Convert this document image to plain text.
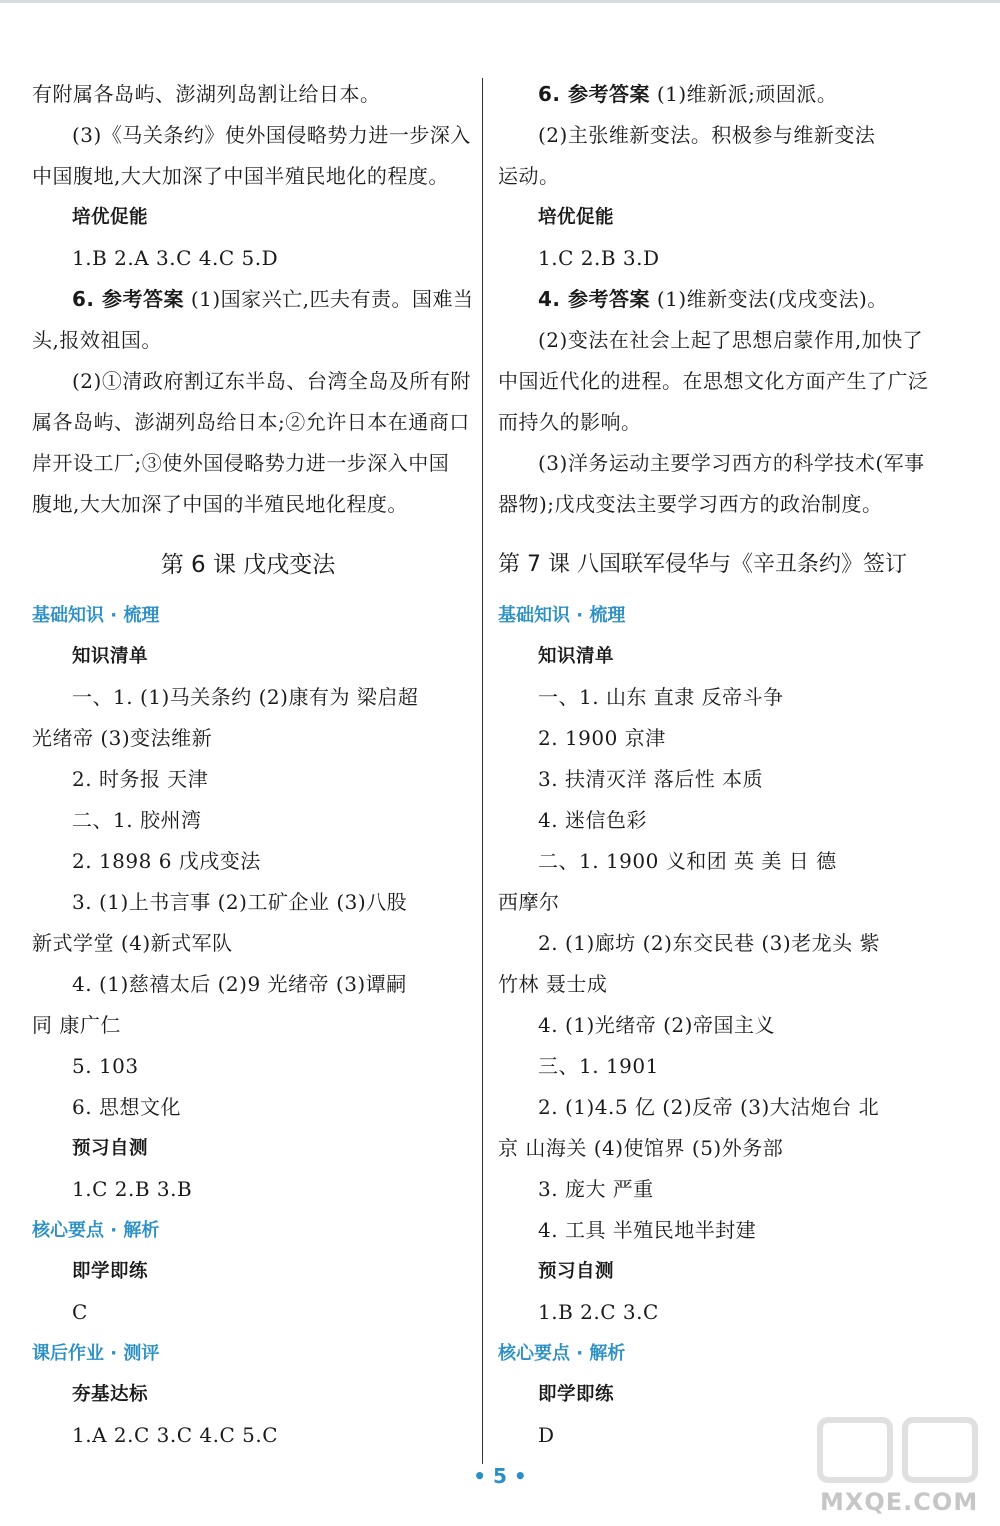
有附属各岛屿、澎湖列岛割让给日本。
(3)《马关条约》使外国侵略势力进一步深入
中国腹地,大大加深了中国半殖民地化的程度。
培优促能
1.B 2.A 3.C 4.C 5.D
6. 参考答案 (1)国家兴亡,匹夫有责。国难当
头,报效祖国。
(2)①清政府割辽东半岛、台湾全岛及所有附
属各岛屿、澎湖列岛给日本;②允许日本在通商口
岸开设工厂;③使外国侵略势力进一步深入中国
腹地,大大加深了中国的半殖民地化程度。
第 6 课 戊戌变法
基础知识 · 梳理
知识清单
一、1. (1)马关条约 (2)康有为 梁启超
光绪帝 (3)变法维新
2. 时务报 天津
二、1. 胶州湾
2. 1898 6 戊戌变法
3. (1)上书言事 (2)工矿企业 (3)八股
新式学堂 (4)新式军队
4. (1)慈禧太后 (2)9 光绪帝 (3)谭嗣
同 康广仁
5. 103
6. 思想文化
预习自测
1.C 2.B 3.B
核心要点 · 解析
即学即练
C
课后作业 · 测评
夯基达标
1.A 2.C 3.C 4.C 5.C
6. 参考答案 (1)维新派;顽固派。
(2)主张维新变法。积极参与维新变法
运动。
培优促能
1.C 2.B 3.D
4. 参考答案 (1)维新变法(戊戌变法)。
(2)变法在社会上起了思想启蒙作用,加快了
中国近代化的进程。在思想文化方面产生了广泛
而持久的影响。
(3)洋务运动主要学习西方的科学技术(军事
器物);戊戌变法主要学习西方的政治制度。
第 7 课 八国联军侵华与《辛丑条约》签订
基础知识 · 梳理
知识清单
一、1. 山东 直隶 反帝斗争
2. 1900 京津
3. 扶清灭洋 落后性 本质
4. 迷信色彩
二、1. 1900 义和团 英 美 日 德
西摩尔
2. (1)廊坊 (2)东交民巷 (3)老龙头 紫
竹林 聂士成
4. (1)光绪帝 (2)帝国主义
三、1. 1901
2. (1)4.5 亿 (2)反帝 (3)大沽炮台 北
京 山海关 (4)使馆界 (5)外务部
3. 庞大 严重
4. 工具 半殖民地半封建
预习自测
1.B 2.C 3.C
核心要点 · 解析
即学即练
D
• 5 •
MXQE.COM
